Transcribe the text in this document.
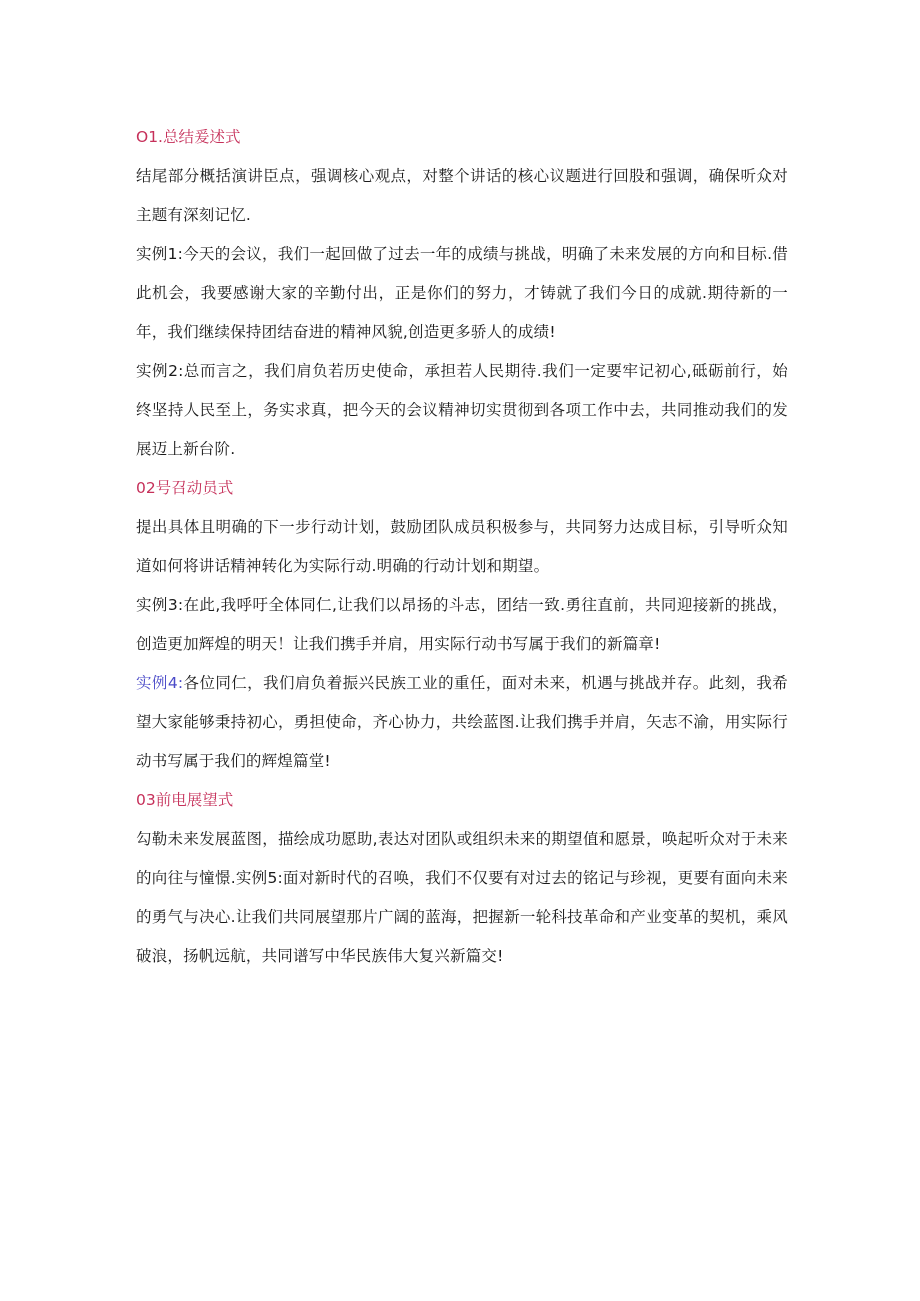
O1.总结爰述式

结尾部分概括演讲臣点，强调核心观点，对整个讲话的核心议题进行回股和强调，确保听众对主题有深刻记忆.

实例1:今天的会议，我们一起回做了过去一年的成绩与挑战，明确了未来发展的方向和目标.借此机会，我要感谢大家的辛勤付出，正是你们的努力，才铸就了我们今日的成就.期待新的一年，我们继续保持团结奋进的精神风貌,创造更多骄人的成绩!

实例2:总而言之，我们肩负若历史使命，承担若人民期待.我们一定要牢记初心,砥砺前行，始终坚持人民至上，务实求真，把今天的会议精神切实贯彻到各项工作中去，共同推动我们的发展迈上新台阶.

02号召动员式

提出具体且明确的下一步行动计划，鼓励团队成员积极参与，共同努力达成目标，引导听众知道如何将讲话精神转化为实际行动.明确的行动计划和期望。

实例3:在此,我呼吁全体同仁,让我们以昂扬的斗志，团结一致.勇往直前，共同迎接新的挑战，创造更加辉煌的明天！让我们携手并肩，用实际行动书写属于我们的新篇章!

实例4:各位同仁，我们肩负着振兴民族工业的重任，面对未来，机遇与挑战并存。此刻，我希望大家能够秉持初心，勇担使命，齐心协力，共绘蓝图.让我们携手并肩，矢志不渝，用实际行动书写属于我们的辉煌篇堂!

03前电展望式

勾勒未来发展蓝图，描绘成功愿助,表达对团队或组织未来的期望值和愿景，唤起听众对于未来的向往与憧憬.实例5:面对新时代的召唤，我们不仅要有对过去的铭记与珍视，更要有面向未来的勇气与决心.让我们共同展望那片广阔的蓝海，把握新一轮科技革命和产业变革的契机，乘风破浪，扬帆远航，共同谱写中华民族伟大复兴新篇交!
